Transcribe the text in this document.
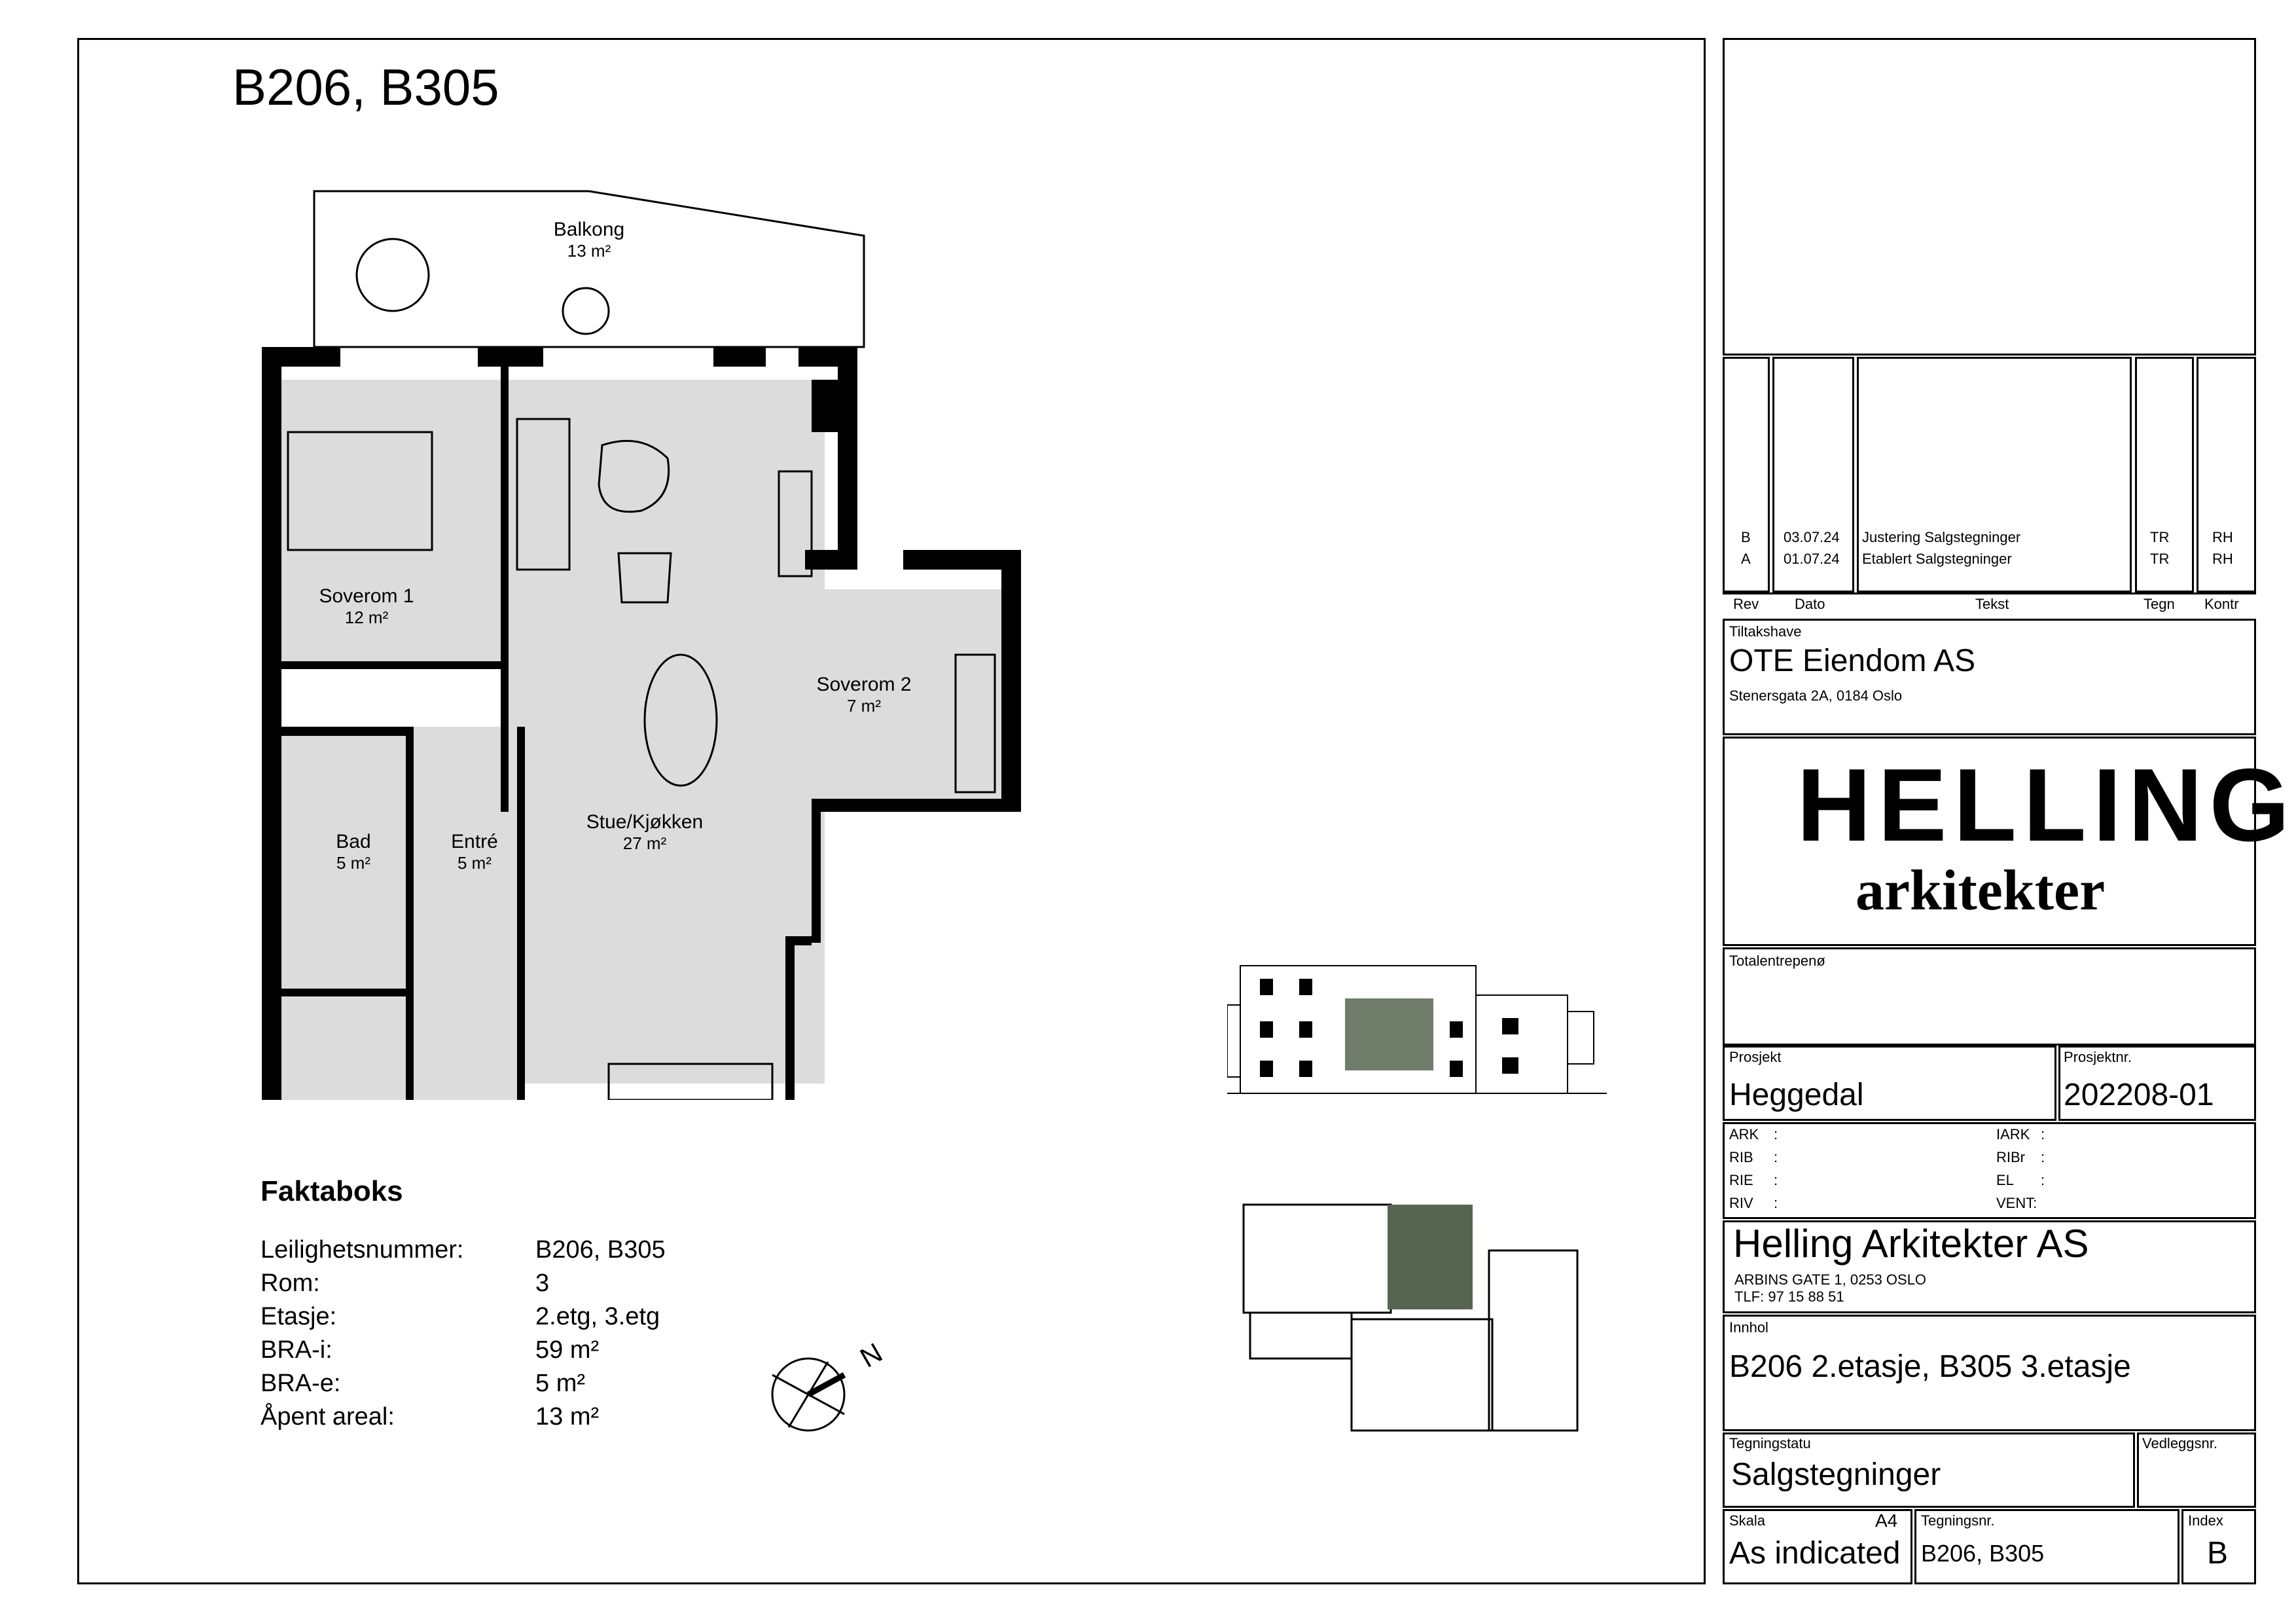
B206, B305
Balkong
13 m²
Soverom 1
12 m²
Soverom 2
7 m²
Bad
5 m²
Entré
5 m²
Stue/Kjøkken
27 m²
Faktaboks
Leilighetsnummer:	B206, B305
Rom:	3
Etasje:	2.etg, 3.etg
BRA-i:	59 m²
BRA-e:	5 m²
Åpent areal:	13 m²
N
B 03.07.24 Justering Salgstegninger	TR	RH
A 01.07.24 Etablert Salgstegninger	TR	RH
Rev Dato	Tekst	Tegn Kontr
Tiltakshave
OTE Eiendom AS
Stenersgata 2A, 0184 Oslo
HELLING
arkitekter
Totalentrepenø
Prosjekt
Heggedal
Prosjektnr.
202208-01
ARK :
RIB :
RIE :
RIV :
IARK :
RIBr :
EL :
VENT:
Helling Arkitekter AS
ARBINS GATE 1, 0253 OSLO
TLF: 97 15 88 51
Innhol
B206 2.etasje, B305 3.etasje
Tegningstatu
Salgstegninger
Vedleggsnr.
Skala	A4
As indicated
Tegningsnr.
B206, B305
Index
B
